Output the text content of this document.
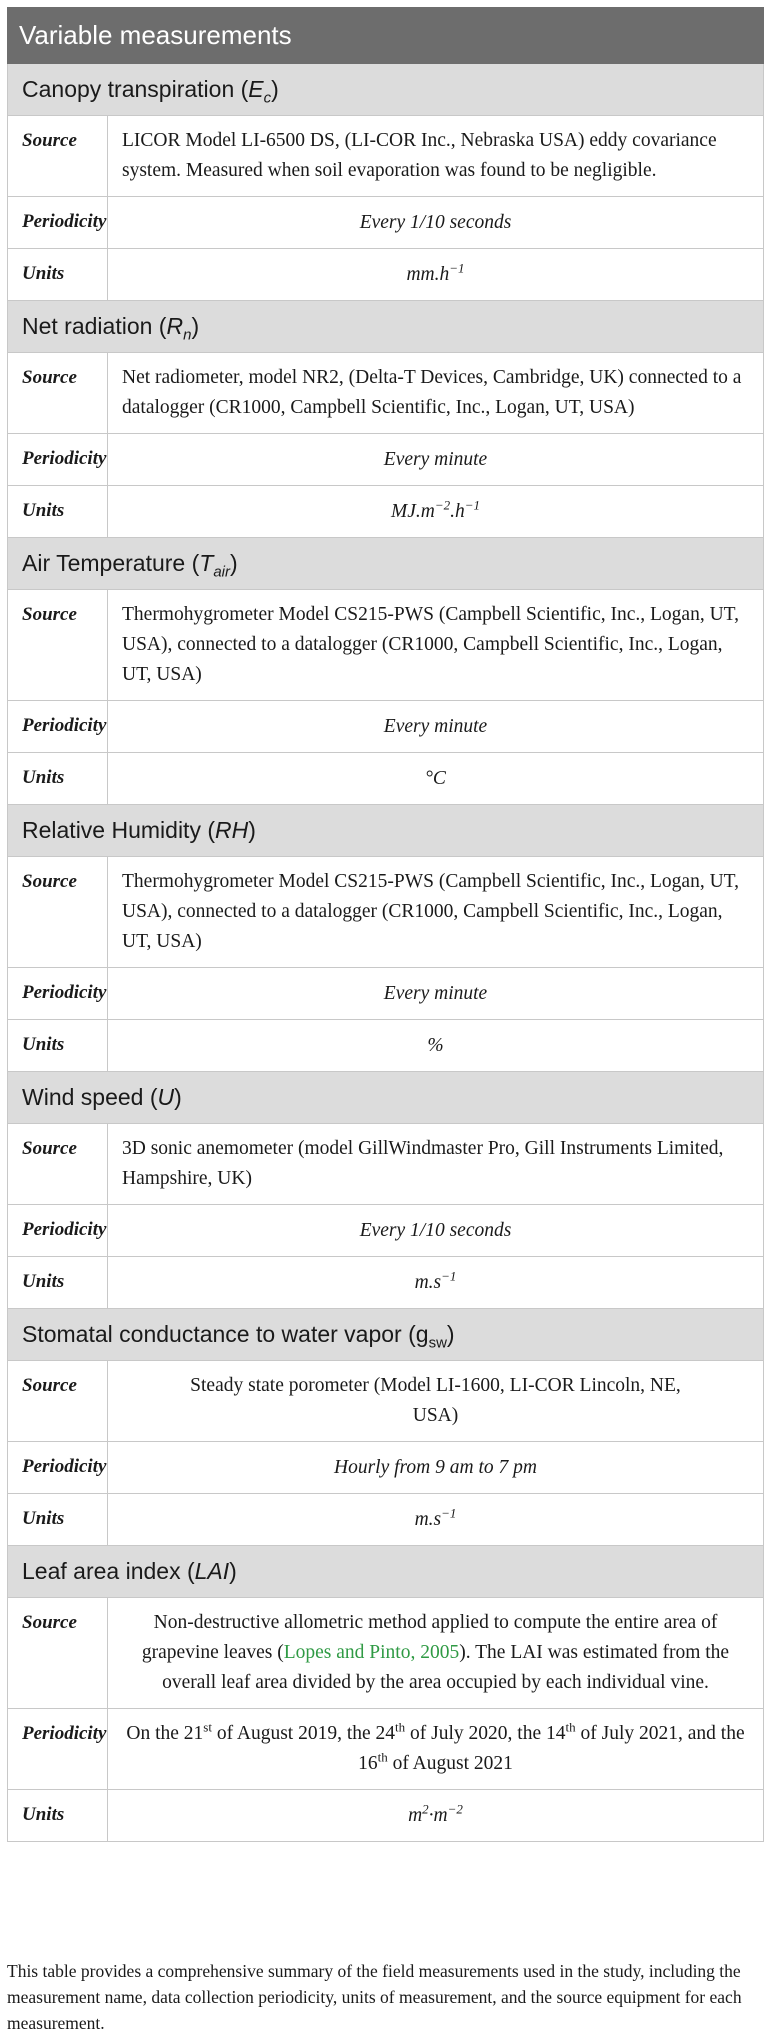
Variable measurements	

Canopy transpiration $(E_c)$	

Source	LICOR Model LI-6500 DS, (LI-COR Inc., Nebraska USA) eddy covariance system. Measured when soil evaporation was found to be negligible.

Periodicity	Every 1/10 seconds

Units	$mm.h^{-1}$

Net radiation $(R_n)$	

Source	Net radiometer, model NR2, (Delta-T Devices, Cambridge, UK) connected to a datalogger (CR1000, Campbell Scientific, Inc., Logan, UT, USA)

Periodicity	Every minute

Units	$MJ.m^{-2}.h^{-1}$

Air Temperature $(T_{air})$	

Source	Thermohygrometer Model CS215-PWS (Campbell Scientific, Inc., Logan, UT, USA), connected to a datalogger (CR1000, Campbell Scientific, Inc., Logan, UT, USA)

Periodicity	Every minute

Units	°C

Relative Humidity (RH)	

Source	Thermohygrometer Model CS215-PWS (Campbell Scientific, Inc., Logan, UT, USA), connected to a datalogger (CR1000, Campbell Scientific, Inc., Logan, UT, USA)

Periodicity	Every minute

Units	%

Wind speed (U)	

Source	3D sonic anemometer (model GillWindmaster Pro, Gill Instruments Limited, Hampshire, UK)

Periodicity	Every 1/10 seconds

Units	$m.s^{-1}$

Stomatal conductance to water vapor $(g_{sw})$	

Source	Steady state porometer (Model LI-1600, LI-COR Lincoln, NE, USA)

Periodicity	Hourly from 9 am to 7 pm

Units	$m.s^{-1}$

Leaf area index (LAI)	

Source	Non-destructive allometric method applied to compute the entire area of grapevine leaves (Lopes and Pinto, 2005). The LAI was estimated from the overall leaf area divided by the area occupied by each individual vine.

Periodicity	On the 21st of August 2019, the 24th of July 2020, the 14th of July 2021, and the 16th of August 2021

Units	$m^2\cdot m^{-2}$
This table provides a comprehensive summary of the field measurements used in the study, including the measurement name, data collection periodicity, units of measurement, and the source equipment for each measurement.
